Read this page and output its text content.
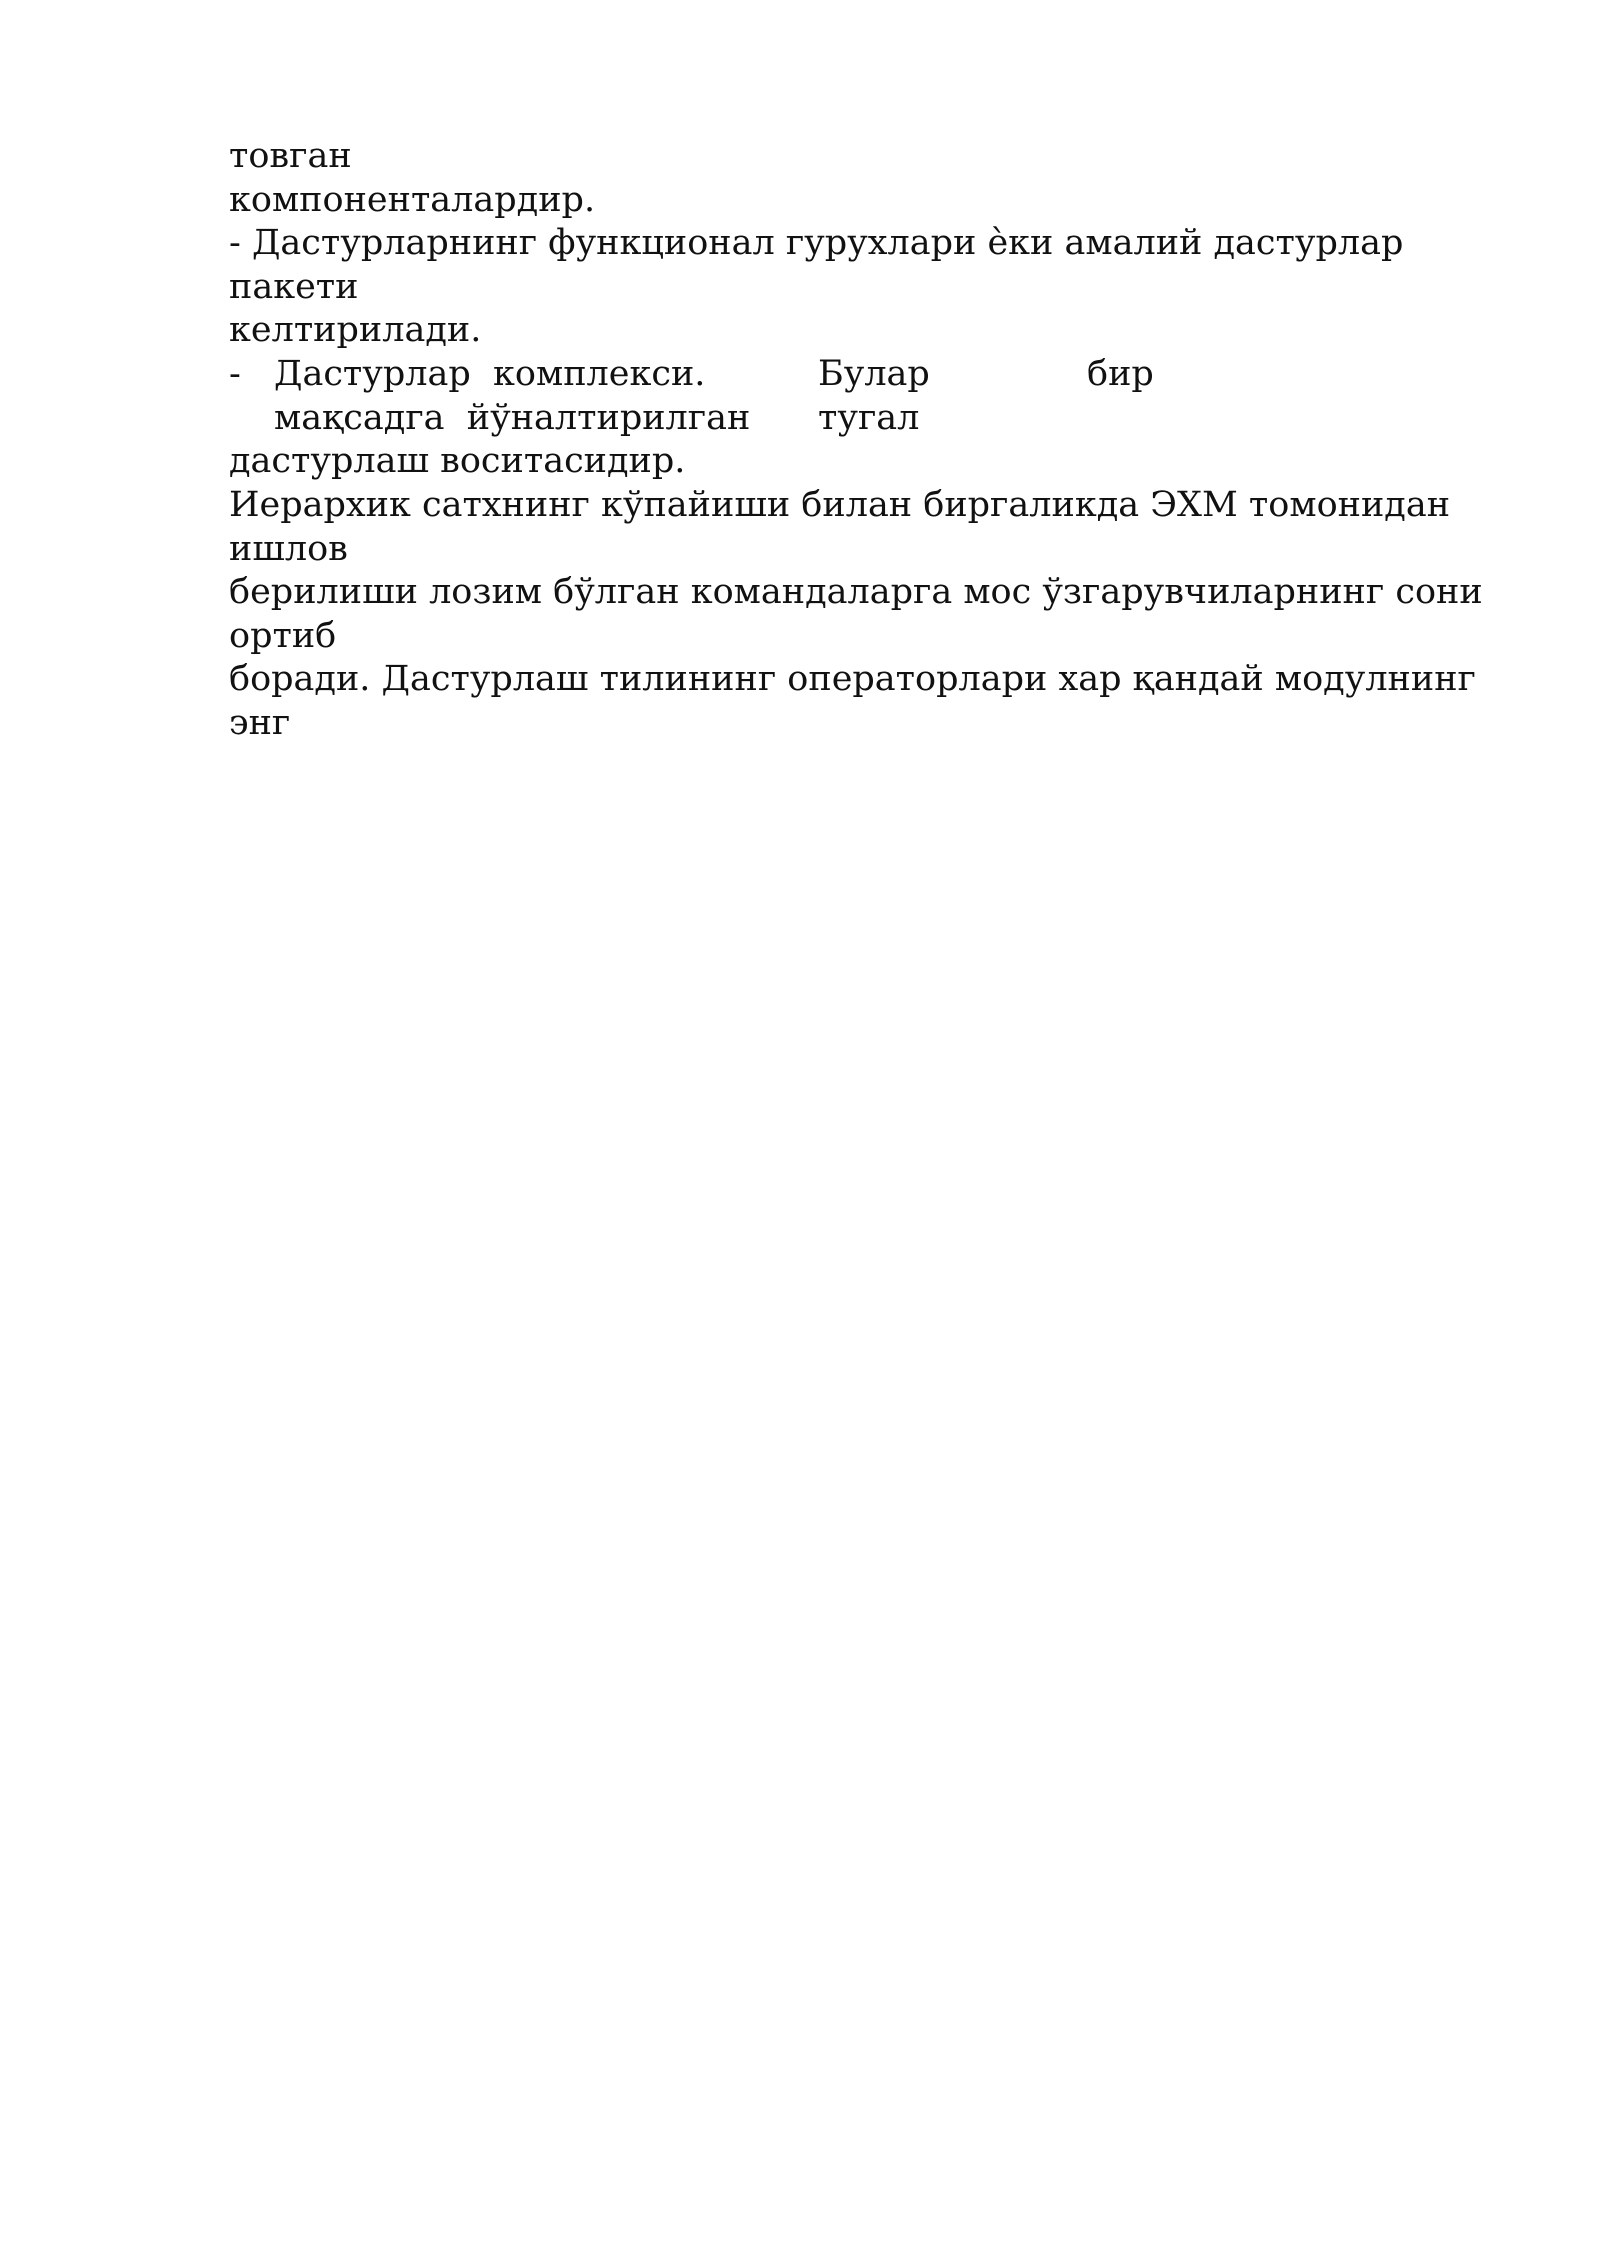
товган
компоненталардир.
- Дастурларнинг функционал гурухлари ѐки амалий дастурлар
пакети
келтирилади.
- Дастурлар  комплекси.	Булар	бир
мақсадга  йўналтирилган тугал
дастурлаш воситасидир.
Иерархик сатхнинг кўпайиши билан биргаликда ЭХМ томонидан
ишлов
берилиши лозим бўлган командаларга мос ўзгарувчиларнинг сони
ортиб
боради. Дастурлаш тилининг операторлари хар қандай модулнинг
энг
